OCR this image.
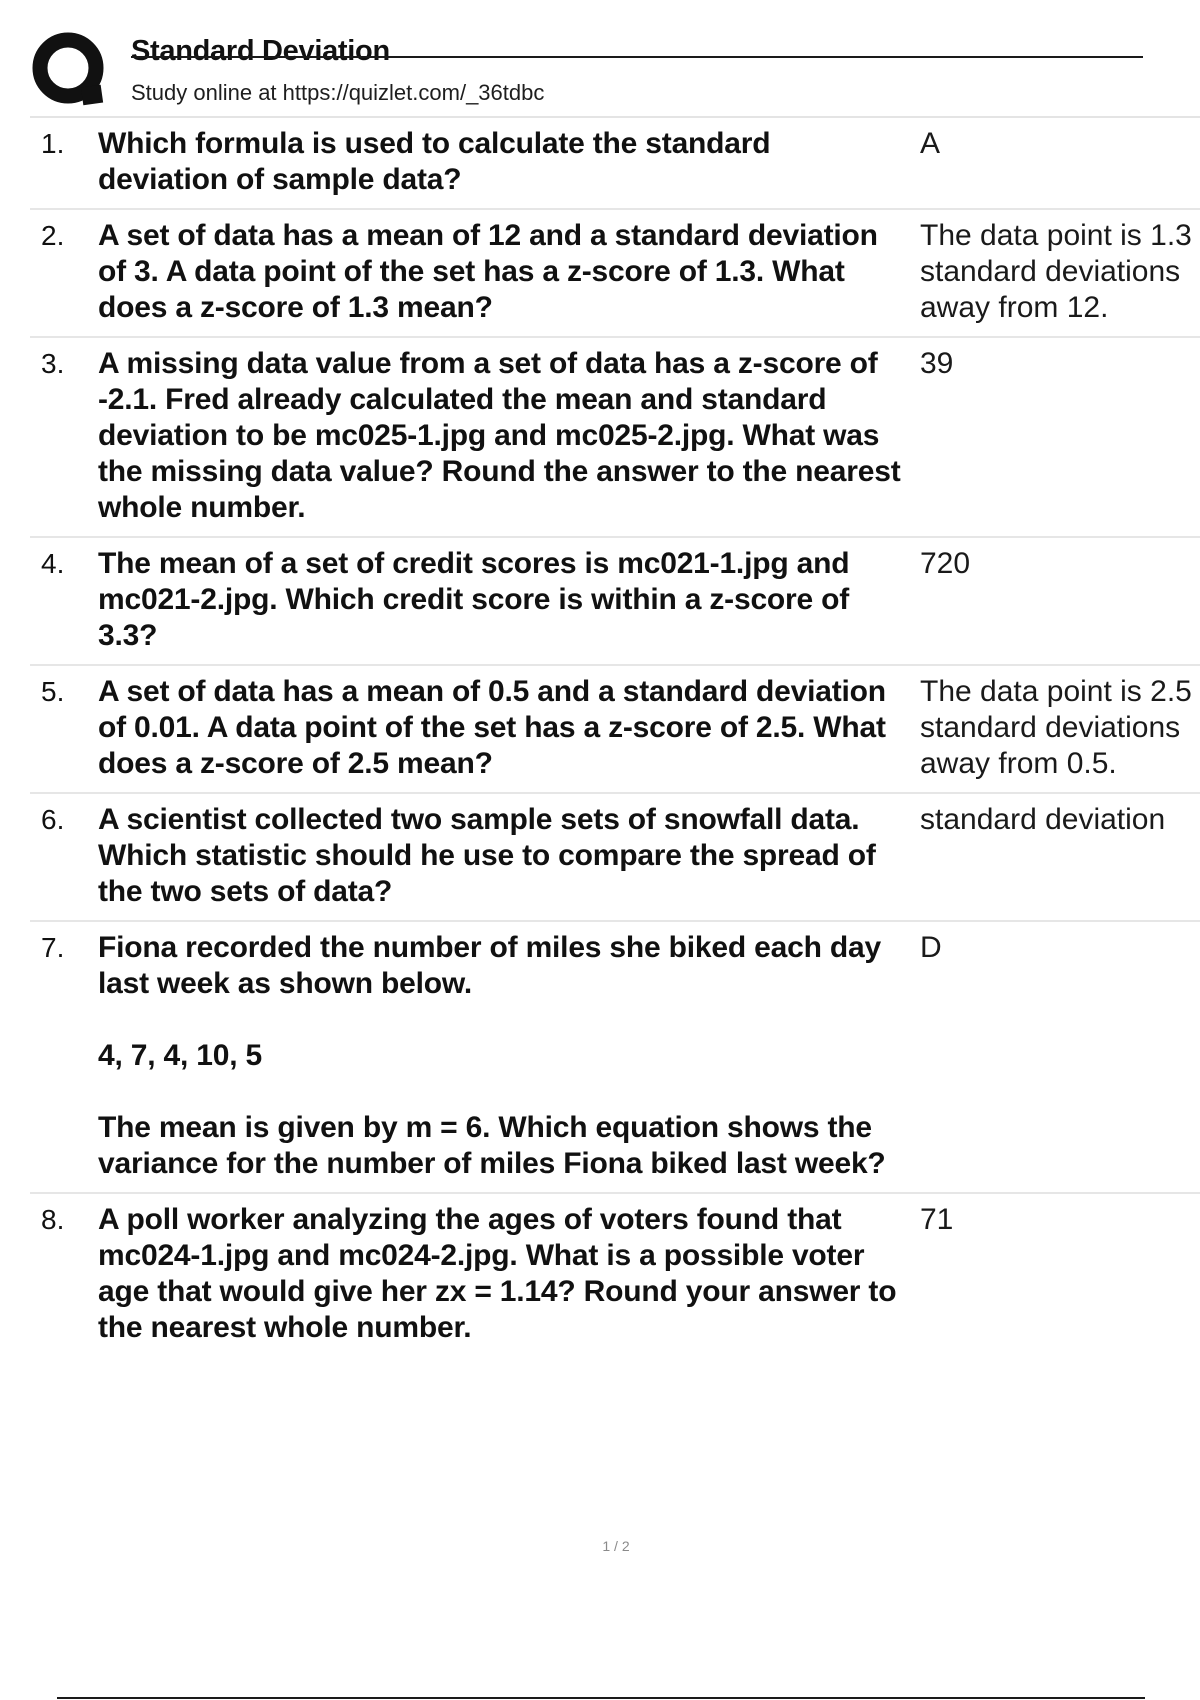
Standard Deviation
Study online at https://quizlet.com/_36tdbc
1.	Which formula is used to calculate the standard deviation of sample data?

A
2.	A set of data has a mean of 12 and a standard deviation of 3. A data point of the set has a z-score of 1.3. What does a z-score of 1.3 mean?

The data point is 1.3 standard deviations away from 12.
3.	A missing data value from a set of data has a z-score of -2.1. Fred already calculated the mean and standard deviation to be mc025-1.jpg and mc025-2.jpg. What was the missing data value? Round the answer to the nearest whole number.

39
4.	The mean of a set of credit scores is mc021-1.jpg and mc021-2.jpg. Which credit score is within a z-score of 3.3?

720
5.	A set of data has a mean of 0.5 and a standard deviation of 0.01. A data point of the set has a z-score of 2.5. What does a z-score of 2.5 mean?

The data point is 2.5 standard deviations away from 0.5.
6.	A scientist collected two sample sets of snowfall data. Which statistic should he use to compare the spread of the two sets of data?

standard deviation
7.	Fiona recorded the number of miles she biked each day last week as shown below.

4, 7, 4, 10, 5

The mean is given by m = 6. Which equation shows the variance for the number of miles Fiona biked last week?

D
8.	A poll worker analyzing the ages of voters found that mc024-1.jpg and mc024-2.jpg. What is a possible voter age that would give her zx = 1.14? Round your answer to the nearest whole number.

71
1 / 2
